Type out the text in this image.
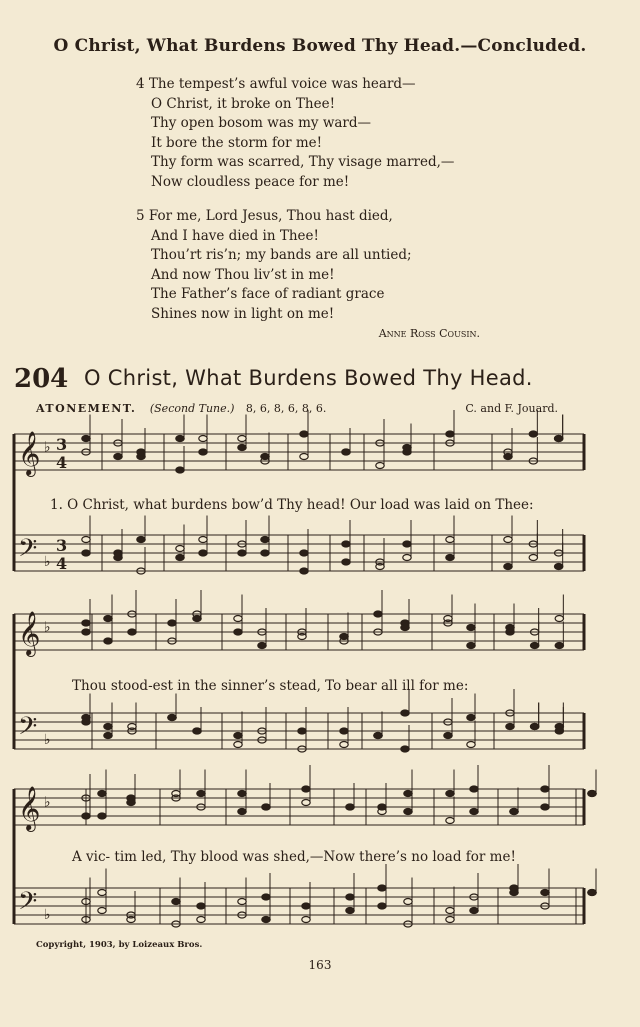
O Christ, What Burdens Bowed Thy Head.—Concluded.
4 The tempest’s awful voice was heard—
O Christ, it broke on Thee!
Thy open bosom was my ward—
It bore the storm for me!
Thy form was scarred, Thy visage marred,—
Now cloudless peace for me!
5 For me, Lord Jesus, Thou hast died,
And I have died in Thee!
Thou’rt ris’n; my bands are all untied;
And now Thou liv’st in me!
The Father’s face of radiant grace
Shines now in light on me!
Anne Ross Cousin.
204 O Christ, What Burdens Bowed Thy Head.
ATONEMENT. (Second Tune.) 8, 6, 8, 6, 8, 6.	C. and F. Jouard.
𝄞
𝄢
♭
♭
3
4
3
4
𝄞
𝄢
♭
♭
𝄞
𝄢
♭
♭
1. O Christ, what burdens bow’d Thy head! Our load was laid on Thee:
Thou stood-est in the sinner’s stead, To bear all ill for me:
A vic- tim led, Thy blood was shed,—Now there’s no load for me!
Copyright, 1903, by Loizeaux Bros.
163
